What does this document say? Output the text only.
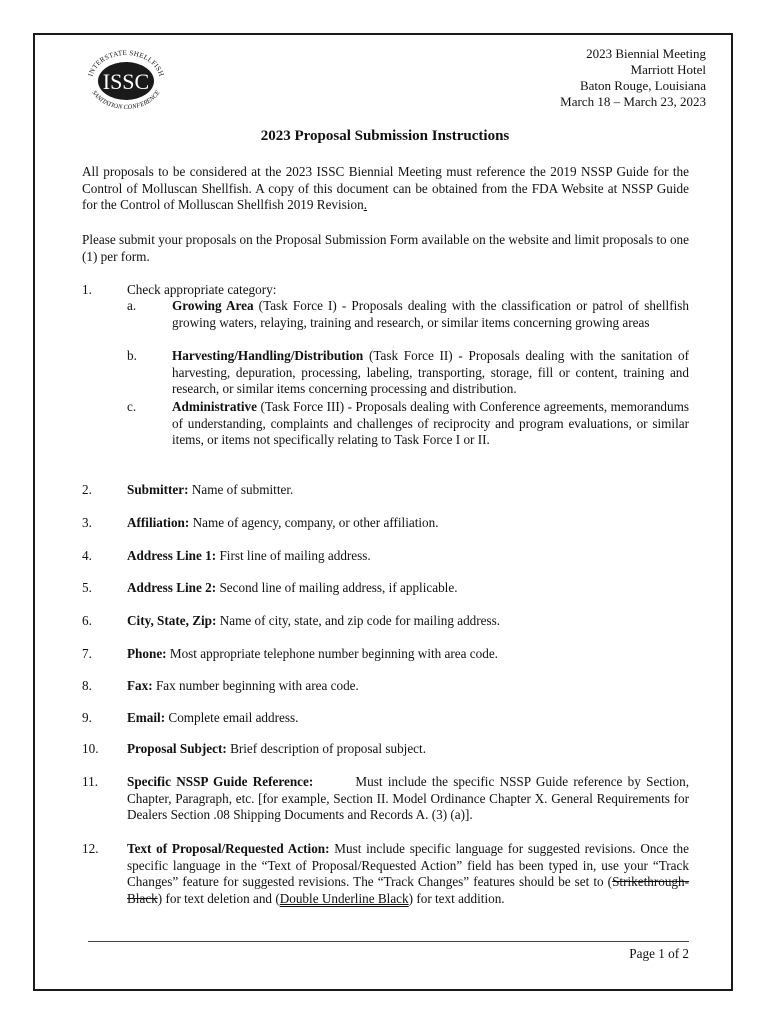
INTERSTATE SHELLFISH
ISSC
SANITATION CONFERENCE
2023 Biennial Meeting
Marriott Hotel
Baton Rouge, Louisiana
March 18 – March 23, 2023
2023 Proposal Submission Instructions

All proposals to be considered at the 2023 ISSC Biennial Meeting must reference the 2019 NSSP Guide for the Control of Molluscan Shellfish. A copy of this document can be obtained from the FDA Website at NSSP Guide for the Control of Molluscan Shellfish 2019 Revision.

Please submit your proposals on the Proposal Submission Form available on the website and limit proposals to one (1) per form.

1.	Check appropriate category:
a.	Growing Area (Task Force I) - Proposals dealing with the classification or patrol of shellfish growing waters, relaying, training and research, or similar items concerning growing areas
b.	Harvesting/Handling/Distribution (Task Force II) - Proposals dealing with the sanitation of harvesting, depuration, processing, labeling, transporting, storage, fill or content, training and research, or similar items concerning processing and distribution.
c.	Administrative (Task Force III) - Proposals dealing with Conference agreements, memorandums of understanding, complaints and challenges of reciprocity and program evaluations, or similar items, or items not specifically relating to Task Force I or II.
2.	Submitter: Name of submitter.
3.	Affiliation: Name of agency, company, or other affiliation.
4.	Address Line 1: First line of mailing address.
5.	Address Line 2: Second line of mailing address, if applicable.
6.	City, State, Zip: Name of city, state, and zip code for mailing address.
7.	Phone: Most appropriate telephone number beginning with area code.
8.	Fax: Fax number beginning with area code.
9.	Email: Complete email address.
10. Proposal Subject: Brief description of proposal subject.
11. Specific NSSP Guide Reference:        Must include the specific NSSP Guide reference by Section, Chapter, Paragraph, etc. [for example, Section II. Model Ordinance Chapter X. General Requirements for Dealers Section .08 Shipping Documents and Records A. (3) (a)].
12. Text of Proposal/Requested Action: Must include specific language for suggested revisions. Once the specific language in the “Text of Proposal/Requested Action” field has been typed in, use your “Track Changes” feature for suggested revisions. The “Track Changes” features should be set to (Strikethrough-Black) for text deletion and (Double Underline Black) for text addition.
Page 1 of 2
